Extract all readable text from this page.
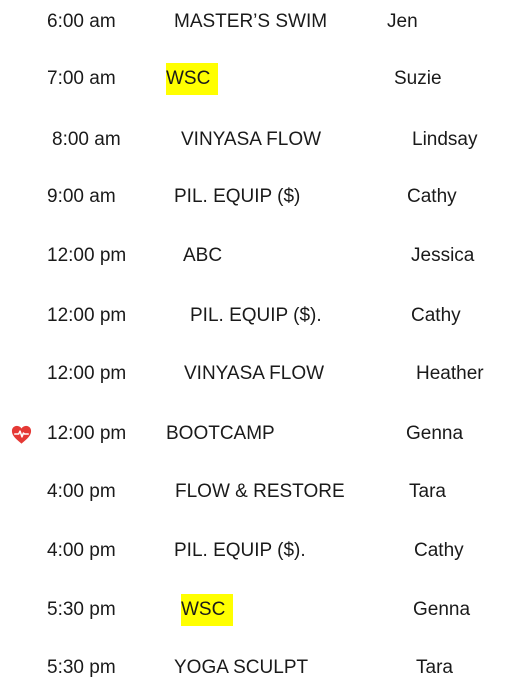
6:00 am	MASTER’S SWIM	Jen
7:00 am	WSC	Suzie
8:00 am	VINYASA FLOW	Lindsay
9:00 am	PIL. EQUIP ($)	Cathy
12:00 pm	ABC	Jessica
12:00 pm	PIL. EQUIP ($).	Cathy
12:00 pm	VINYASA FLOW	Heather
12:00 pm BOOTCAMP	Genna
4:00 pm	FLOW & RESTORE	Tara
4:00 pm	PIL. EQUIP ($).	Cathy
5:30 pm	WSC	Genna
5:30 pm	YOGA SCULPT	Tara
